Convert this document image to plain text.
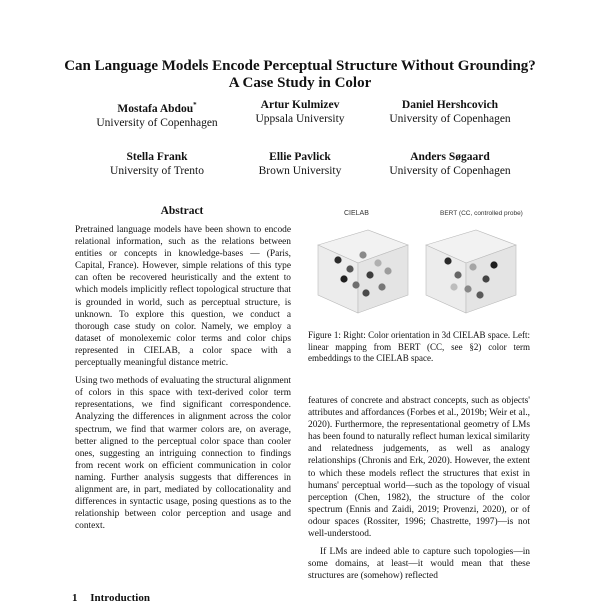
Can Language Models Encode Perceptual Structure Without Grounding?
A Case Study in Color
Mostafa Abdou*
University of Copenhagen
Artur Kulmizev
Uppsala University
Daniel Hershcovich
University of Copenhagen
Stella Frank
University of Trento
Ellie Pavlick
Brown University
Anders Søgaard
University of Copenhagen
Abstract

Pretrained language models have been shown to encode relational information, such as the relations between entities or concepts in knowledge-bases — (Paris, Capital, France). However, simple relations of this type can often be recovered heuristically and the extent to which models implicitly reflect topological structure that is grounded in world, such as perceptual structure, is unknown. To explore this question, we conduct a thorough case study on color. Namely, we employ a dataset of monolexemic color terms and color chips represented in CIELAB, a color space with a perceptually meaningful distance metric.

Using two methods of evaluating the structural alignment of colors in this space with text-derived color term representations, we find significant correspondence. Analyzing the differences in alignment across the color spectrum, we find that warmer colors are, on average, better aligned to the perceptual color space than cooler ones, suggesting an intriguing connection to findings from recent work on efficient communication in color naming. Further analysis suggests that differences in alignment are, in part, mediated by collocationality and differences in syntactic usage, posing questions as to the relationship between color perception and usage and context.

CIELAB	BERT (CC, controlled probe)
Figure 1: Right: Color orientation in 3d CIELAB space. Left: linear mapping from BERT (CC, see §2) color term embeddings to the CIELAB space.

features of concrete and abstract concepts, such as objects' attributes and affordances (Forbes et al., 2019b; Weir et al., 2020). Furthermore, the representational geometry of LMs has been found to naturally reflect human lexical similarity and relatedness judgements, as well as analogy relationships (Chronis and Erk, 2020). However, the extent to which these models reflect the structures that exist in humans' perceptual world—such as the topology of visual perception (Chen, 1982), the structure of the color spectrum (Ennis and Zaidi, 2019; Provenzi, 2020), or of odour spaces (Rossiter, 1996; Chastrette, 1997)—is not well-understood.

If LMs are indeed able to capture such topologies—in some domains, at least—it would mean that these structures are (somehow) reflected

1 Introduction
